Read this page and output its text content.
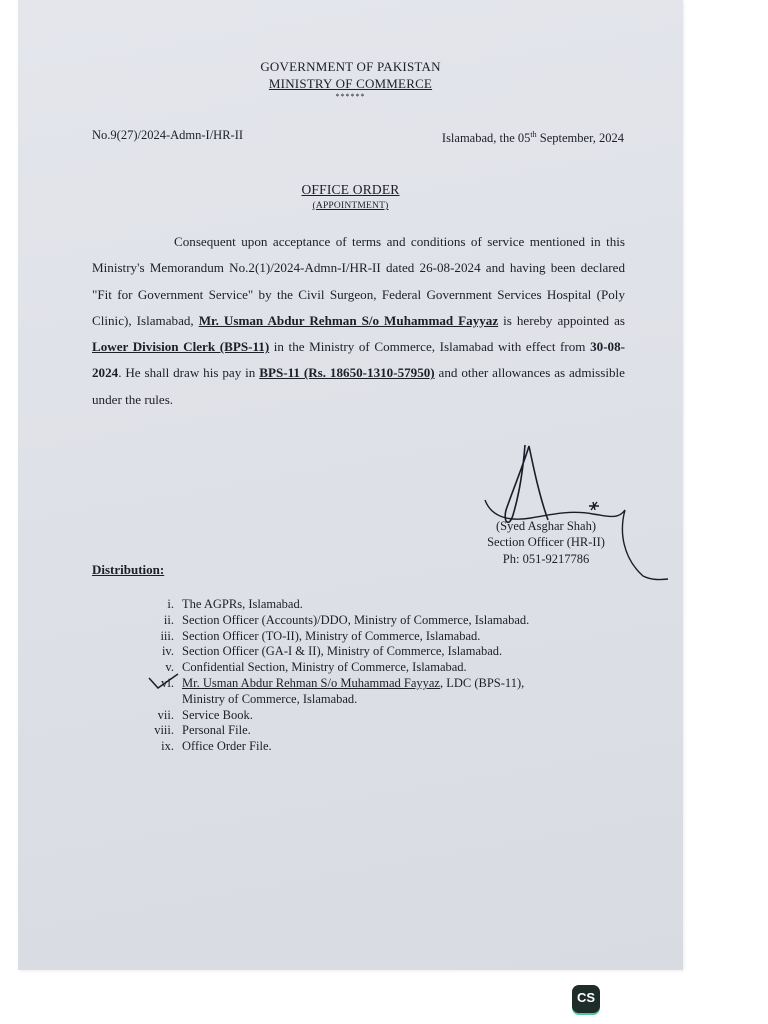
GOVERNMENT OF PAKISTAN
MINISTRY OF COMMERCE
******
No.9(27)/2024-Admn-I/HR-II	Islamabad, the 05th September, 2024
OFFICE ORDER
(APPOINTMENT)
Consequent upon acceptance of terms and conditions of service mentioned in this Ministry's Memorandum No.2(1)/2024-Admn-I/HR-II dated 26-08-2024 and having been declared "Fit for Government Service" by the Civil Surgeon, Federal Government Services Hospital (Poly Clinic), Islamabad, Mr. Usman Abdur Rehman S/o Muhammad Fayyaz is hereby appointed as Lower Division Clerk (BPS-11) in the Ministry of Commerce, Islamabad with effect from 30-08-2024. He shall draw his pay in BPS-11 (Rs. 18650-1310-57950) and other allowances as admissible under the rules.
(Syed Asghar Shah)
Section Officer (HR-II)
Ph: 051-9217786
Distribution:
i. The AGPRs, Islamabad.
ii. Section Officer (Accounts)/DDO, Ministry of Commerce, Islamabad.
iii. Section Officer (TO-II), Ministry of Commerce, Islamabad.
iv. Section Officer (GA-I & II), Ministry of Commerce, Islamabad.
v. Confidential Section, Ministry of Commerce, Islamabad.
vi. Mr. Usman Abdur Rehman S/o Muhammad Fayyaz, LDC (BPS-11),
Ministry of Commerce, Islamabad.
vii. Service Book.
viii. Personal File.
ix. Office Order File.
CS
